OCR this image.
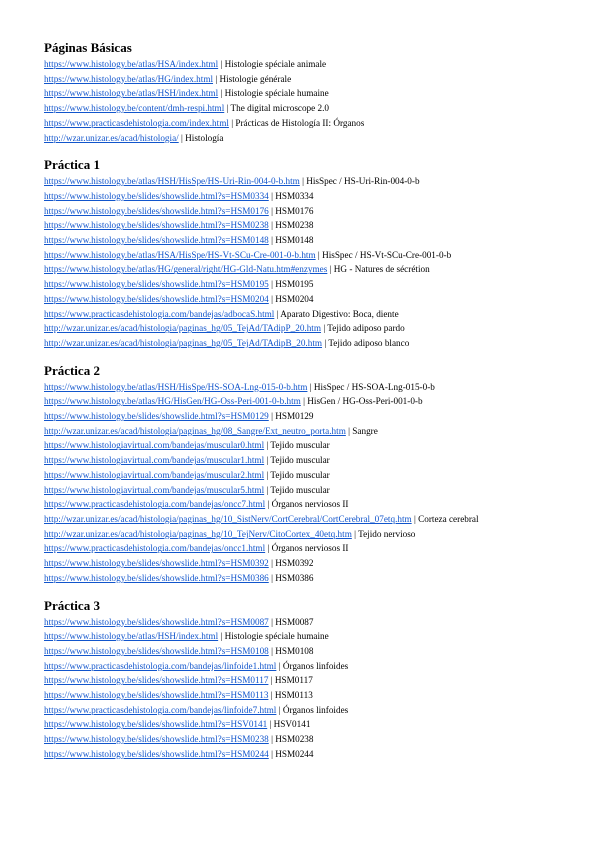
Páginas Básicas
https://www.histology.be/atlas/HSA/index.html | Histologie spéciale animale
https://www.histology.be/atlas/HG/index.html | Histologie générale
https://www.histology.be/atlas/HSH/index.html | Histologie spéciale humaine
https://www.histology.be/content/dmh-respi.html | The digital microscope 2.0
https://www.practicasdehistologia.com/index.html | Prácticas de Histología II: Órganos
http://wzar.unizar.es/acad/histologia/ | Histología
Práctica 1
https://www.histology.be/atlas/HSH/HisSpe/HS-Uri-Rin-004-0-b.htm | HisSpec / HS-Uri-Rin-004-0-b
https://www.histology.be/slides/showslide.html?s=HSM0334 | HSM0334
https://www.histology.be/slides/showslide.html?s=HSM0176 | HSM0176
https://www.histology.be/slides/showslide.html?s=HSM0238 | HSM0238
https://www.histology.be/slides/showslide.html?s=HSM0148 | HSM0148
https://www.histology.be/atlas/HSA/HisSpe/HS-Vt-SCu-Cre-001-0-b.htm | HisSpec / HS-Vt-SCu-Cre-001-0-b
https://www.histology.be/atlas/HG/general/right/HG-Gld-Natu.htm#enzymes | HG - Natures de sécrétion
https://www.histology.be/slides/showslide.html?s=HSM0195 | HSM0195
https://www.histology.be/slides/showslide.html?s=HSM0204 | HSM0204
https://www.practicasdehistologia.com/bandejas/adbocaS.html | Aparato Digestivo: Boca, diente
http://wzar.unizar.es/acad/histologia/paginas_hg/05_TejAd/TAdipP_20.htm | Tejido adiposo pardo
http://wzar.unizar.es/acad/histologia/paginas_hg/05_TejAd/TAdipB_20.htm | Tejido adiposo blanco
Práctica 2
https://www.histology.be/atlas/HSH/HisSpe/HS-SOA-Lng-015-0-b.htm | HisSpec / HS-SOA-Lng-015-0-b
https://www.histology.be/atlas/HG/HisGen/HG-Oss-Peri-001-0-b.htm | HisGen / HG-Oss-Peri-001-0-b
https://www.histology.be/slides/showslide.html?s=HSM0129 | HSM0129
http://wzar.unizar.es/acad/histologia/paginas_hg/08_Sangre/Ext_neutro_porta.htm | Sangre
https://www.histologiavirtual.com/bandejas/muscular0.html | Tejido muscular
https://www.histologiavirtual.com/bandejas/muscular1.html | Tejido muscular
https://www.histologiavirtual.com/bandejas/muscular2.html | Tejido muscular
https://www.histologiavirtual.com/bandejas/muscular5.html | Tejido muscular
https://www.practicasdehistologia.com/bandejas/oncc7.html | Órganos nerviosos II
http://wzar.unizar.es/acad/histologia/paginas_hg/10_SistNerv/CortCerebral/CortCerebral_07etq.htm | Corteza cerebral
http://wzar.unizar.es/acad/histologia/paginas_hg/10_TejNerv/CitoCortex_40etq.htm | Tejido nervioso
https://www.practicasdehistologia.com/bandejas/oncc1.html | Órganos nerviosos II
https://www.histology.be/slides/showslide.html?s=HSM0392 | HSM0392
https://www.histology.be/slides/showslide.html?s=HSM0386 | HSM0386
Práctica 3
https://www.histology.be/slides/showslide.html?s=HSM0087 | HSM0087
https://www.histology.be/atlas/HSH/index.html | Histologie spéciale humaine
https://www.histology.be/slides/showslide.html?s=HSM0108 | HSM0108
https://www.practicasdehistologia.com/bandejas/linfoide1.html | Órganos linfoides
https://www.histology.be/slides/showslide.html?s=HSM0117 | HSM0117
https://www.histology.be/slides/showslide.html?s=HSM0113 | HSM0113
https://www.practicasdehistologia.com/bandejas/linfoide7.html | Órganos linfoides
https://www.histology.be/slides/showslide.html?s=HSV0141 | HSV0141
https://www.histology.be/slides/showslide.html?s=HSM0238 | HSM0238
https://www.histology.be/slides/showslide.html?s=HSM0244 | HSM0244
